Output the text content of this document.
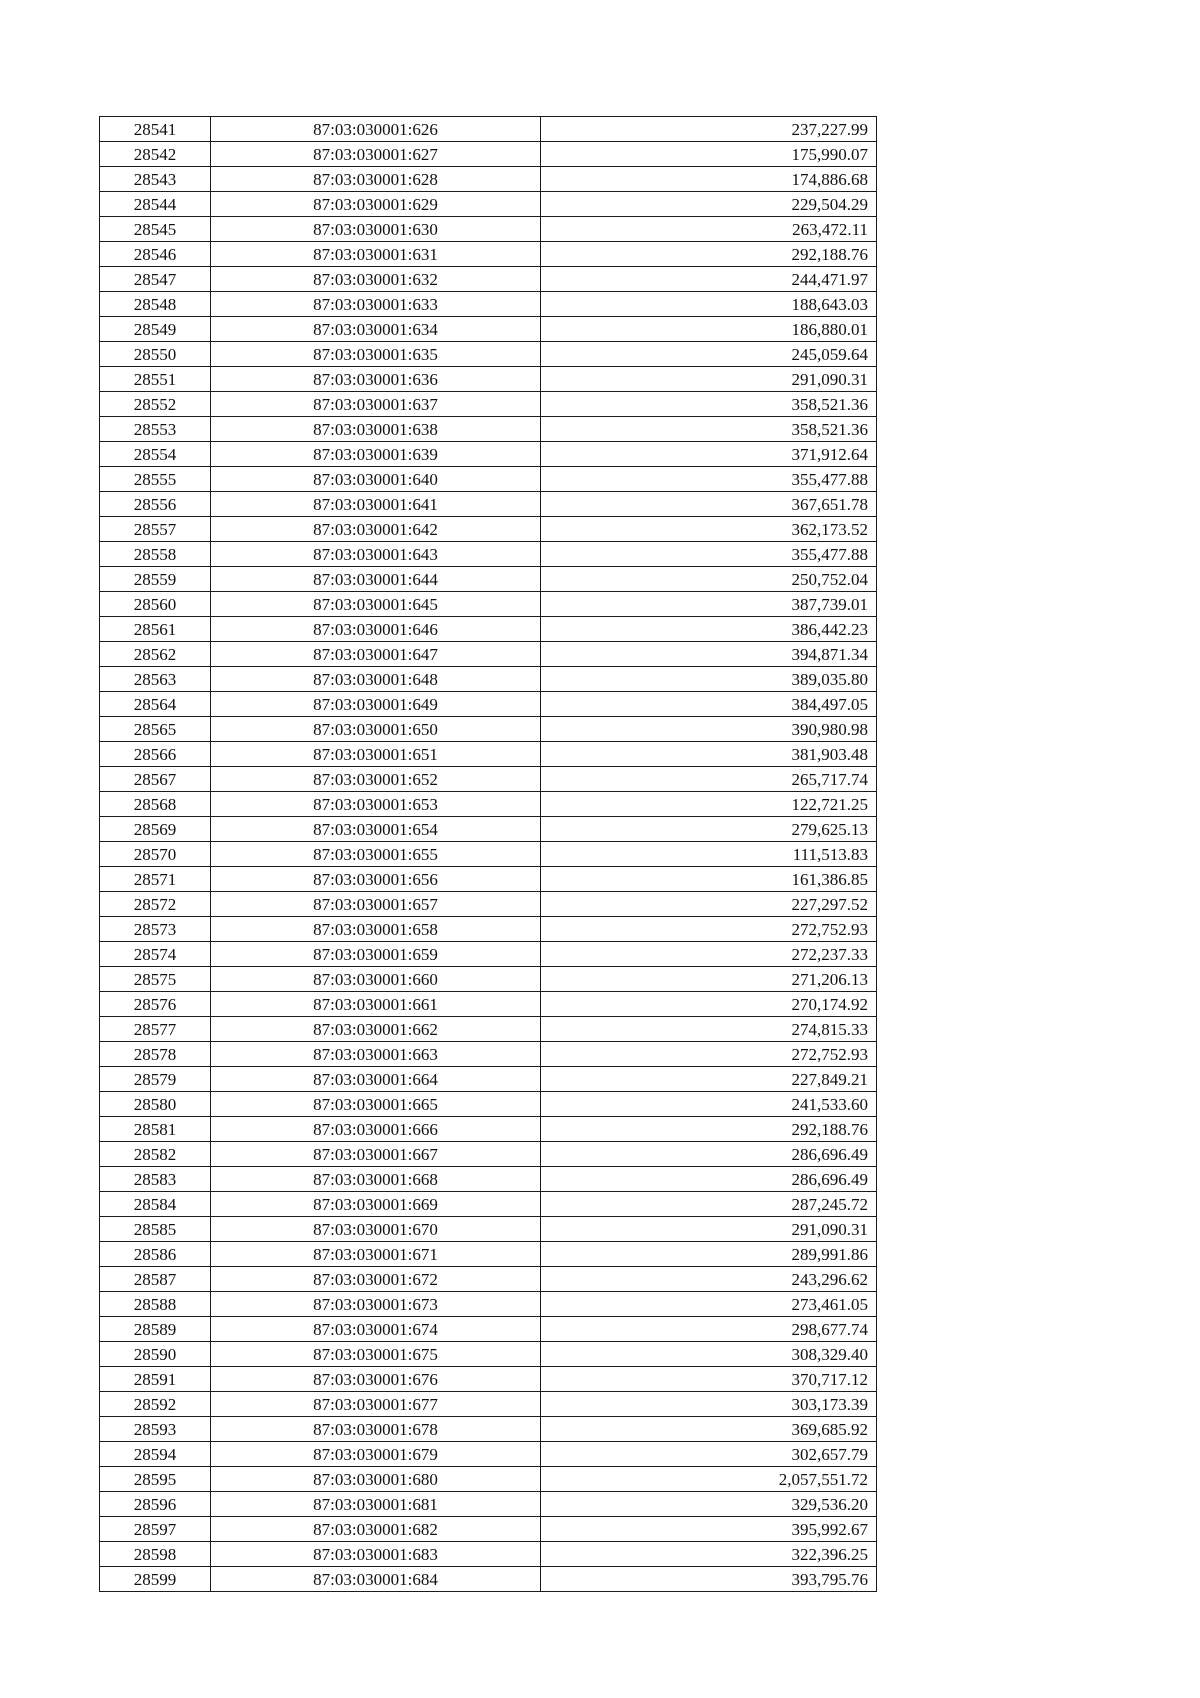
28541	87:03:030001:626	237,227.99
28542	87:03:030001:627	175,990.07
28543	87:03:030001:628	174,886.68
28544	87:03:030001:629	229,504.29
28545	87:03:030001:630	263,472.11
28546	87:03:030001:631	292,188.76
28547	87:03:030001:632	244,471.97
28548	87:03:030001:633	188,643.03
28549	87:03:030001:634	186,880.01
28550	87:03:030001:635	245,059.64
28551	87:03:030001:636	291,090.31
28552	87:03:030001:637	358,521.36
28553	87:03:030001:638	358,521.36
28554	87:03:030001:639	371,912.64
28555	87:03:030001:640	355,477.88
28556	87:03:030001:641	367,651.78
28557	87:03:030001:642	362,173.52
28558	87:03:030001:643	355,477.88
28559	87:03:030001:644	250,752.04
28560	87:03:030001:645	387,739.01
28561	87:03:030001:646	386,442.23
28562	87:03:030001:647	394,871.34
28563	87:03:030001:648	389,035.80
28564	87:03:030001:649	384,497.05
28565	87:03:030001:650	390,980.98
28566	87:03:030001:651	381,903.48
28567	87:03:030001:652	265,717.74
28568	87:03:030001:653	122,721.25
28569	87:03:030001:654	279,625.13
28570	87:03:030001:655	111,513.83
28571	87:03:030001:656	161,386.85
28572	87:03:030001:657	227,297.52
28573	87:03:030001:658	272,752.93
28574	87:03:030001:659	272,237.33
28575	87:03:030001:660	271,206.13
28576	87:03:030001:661	270,174.92
28577	87:03:030001:662	274,815.33
28578	87:03:030001:663	272,752.93
28579	87:03:030001:664	227,849.21
28580	87:03:030001:665	241,533.60
28581	87:03:030001:666	292,188.76
28582	87:03:030001:667	286,696.49
28583	87:03:030001:668	286,696.49
28584	87:03:030001:669	287,245.72
28585	87:03:030001:670	291,090.31
28586	87:03:030001:671	289,991.86
28587	87:03:030001:672	243,296.62
28588	87:03:030001:673	273,461.05
28589	87:03:030001:674	298,677.74
28590	87:03:030001:675	308,329.40
28591	87:03:030001:676	370,717.12
28592	87:03:030001:677	303,173.39
28593	87:03:030001:678	369,685.92
28594	87:03:030001:679	302,657.79
28595	87:03:030001:680	2,057,551.72
28596	87:03:030001:681	329,536.20
28597	87:03:030001:682	395,992.67
28598	87:03:030001:683	322,396.25
28599	87:03:030001:684	393,795.76
